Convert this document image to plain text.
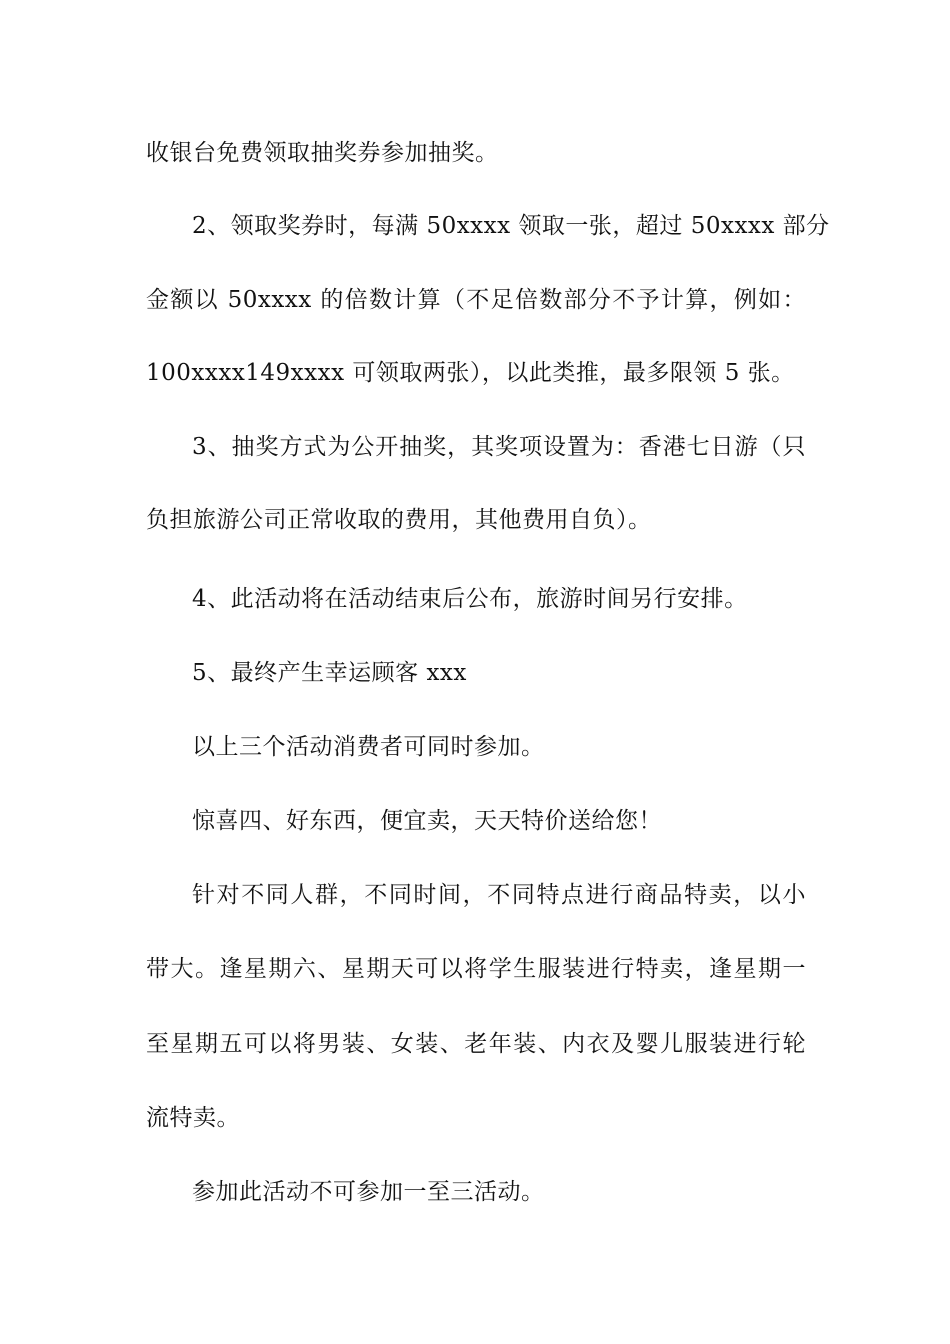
收银台免费领取抽奖券参加抽奖。
2、领取奖券时，每满 50xxxx 领取一张，超过 50xxxx 部分
金额以 50xxxx 的倍数计算（不足倍数部分不予计算，例如：
100xxxx149xxxx 可领取两张），以此类推，最多限领 5 张。
3、抽奖方式为公开抽奖，其奖项设置为：香港七日游（只
负担旅游公司正常收取的费用，其他费用自负）。
4、此活动将在活动结束后公布，旅游时间另行安排。
5、最终产生幸运顾客 xxx
以上三个活动消费者可同时参加。
惊喜四、好东西，便宜卖，天天特价送给您！
针对不同人群，不同时间，不同特点进行商品特卖，以小
带大。逢星期六、星期天可以将学生服装进行特卖，逢星期一
至星期五可以将男装、女装、老年装、内衣及婴儿服装进行轮
流特卖。
参加此活动不可参加一至三活动。
